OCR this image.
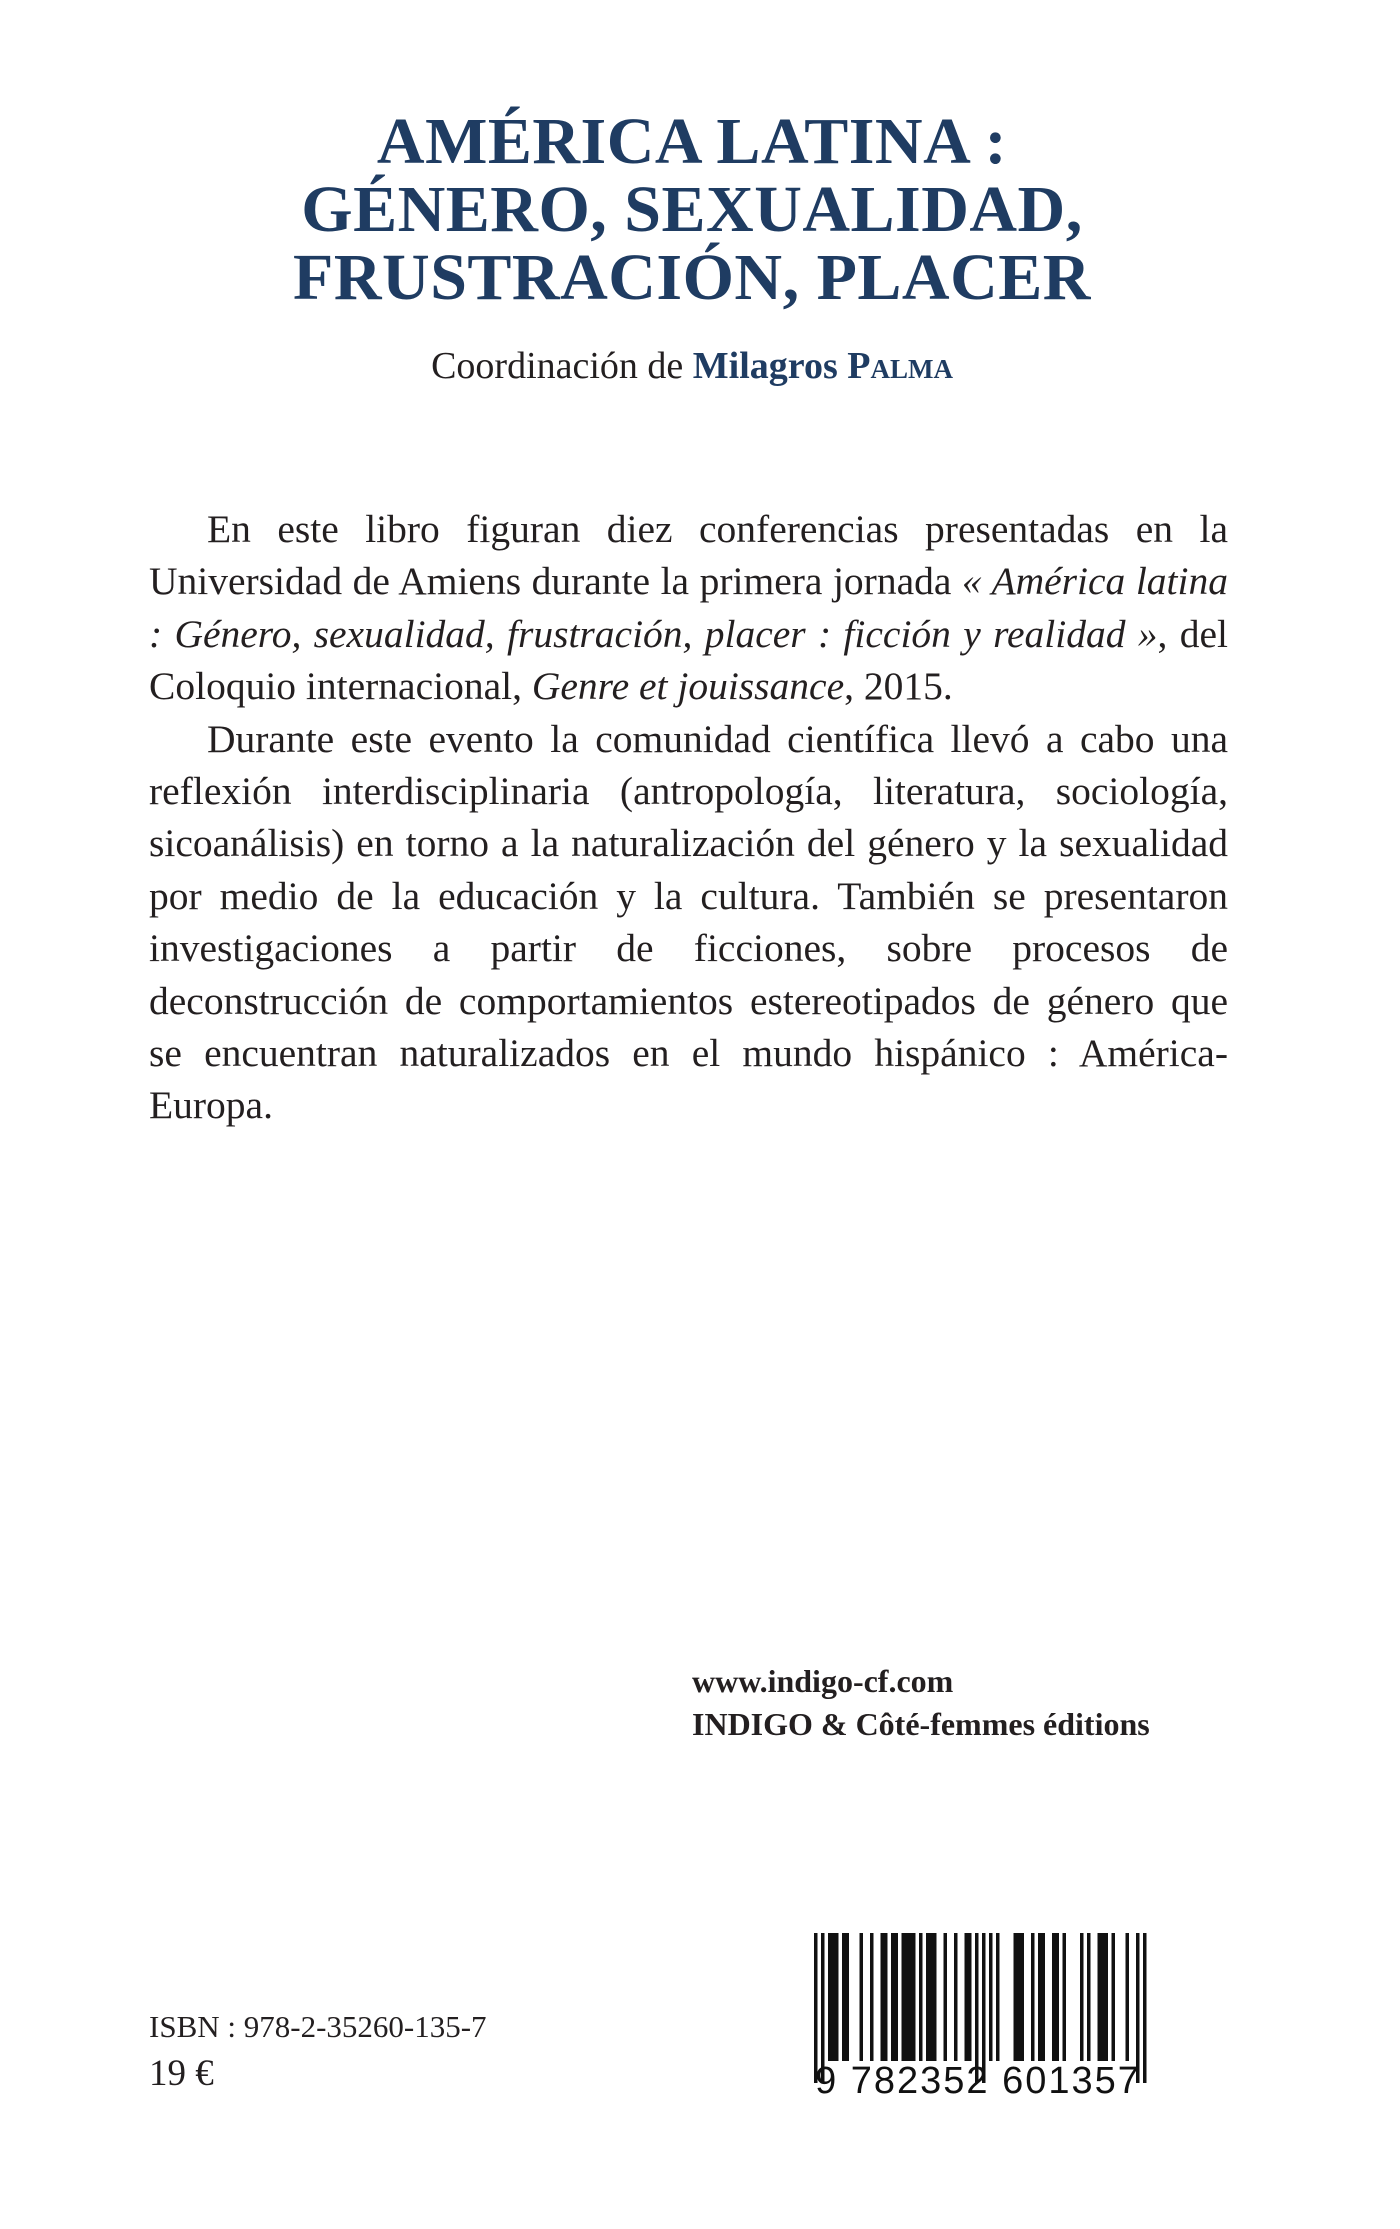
AMÉRICA LATINA :
GÉNERO, SEXUALIDAD,
FRUSTRACIÓN, PLACER
Coordinación de Milagros Palma

En este libro figuran diez conferencias presentadas en la Universidad de Amiens durante la primera jornada « América latina : Género, sexualidad, frustración, placer : ficción y realidad », del Coloquio internacional, Genre et jouissance, 2015.

Durante este evento la comunidad científica llevó a cabo una reflexión interdisciplinaria (antropología, literatura, sociología, sicoanálisis) en torno a la naturalización del género y la sexualidad por medio de la educación y la cultura. También se presentaron investigaciones a partir de ficciones, sobre procesos de deconstrucción de comportamientos estereotipados de género que se encuentran naturalizados en el mundo hispánico : América-Europa.

www.indigo-cf.com
INDIGO & Côté-femmes éditions
ISBN : 978-2-35260-135-7
19 €	9 782352 601357
